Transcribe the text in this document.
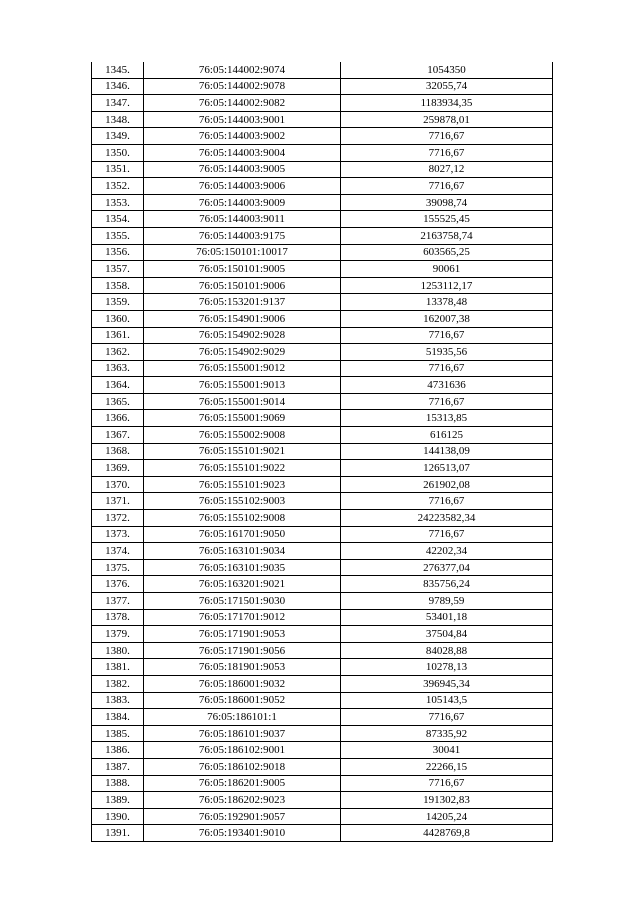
1345.	76:05:144002:9074	1054350
1346.	76:05:144002:9078	32055,74
1347.	76:05:144002:9082	1183934,35
1348.	76:05:144003:9001	259878,01
1349.	76:05:144003:9002	7716,67
1350.	76:05:144003:9004	7716,67
1351.	76:05:144003:9005	8027,12
1352.	76:05:144003:9006	7716,67
1353.	76:05:144003:9009	39098,74
1354.	76:05:144003:9011	155525,45
1355.	76:05:144003:9175	2163758,74
1356.	76:05:150101:10017	603565,25
1357.	76:05:150101:9005	90061
1358.	76:05:150101:9006	1253112,17
1359.	76:05:153201:9137	13378,48
1360.	76:05:154901:9006	162007,38
1361.	76:05:154902:9028	7716,67
1362.	76:05:154902:9029	51935,56
1363.	76:05:155001:9012	7716,67
1364.	76:05:155001:9013	4731636
1365.	76:05:155001:9014	7716,67
1366.	76:05:155001:9069	15313,85
1367.	76:05:155002:9008	616125
1368.	76:05:155101:9021	144138,09
1369.	76:05:155101:9022	126513,07
1370.	76:05:155101:9023	261902,08
1371.	76:05:155102:9003	7716,67
1372.	76:05:155102:9008	24223582,34
1373.	76:05:161701:9050	7716,67
1374.	76:05:163101:9034	42202,34
1375.	76:05:163101:9035	276377,04
1376.	76:05:163201:9021	835756,24
1377.	76:05:171501:9030	9789,59
1378.	76:05:171701:9012	53401,18
1379.	76:05:171901:9053	37504,84
1380.	76:05:171901:9056	84028,88
1381.	76:05:181901:9053	10278,13
1382.	76:05:186001:9032	396945,34
1383.	76:05:186001:9052	105143,5
1384.	76:05:186101:1	7716,67
1385.	76:05:186101:9037	87335,92
1386.	76:05:186102:9001	30041
1387.	76:05:186102:9018	22266,15
1388.	76:05:186201:9005	7716,67
1389.	76:05:186202:9023	191302,83
1390.	76:05:192901:9057	14205,24
1391.	76:05:193401:9010	4428769,8
